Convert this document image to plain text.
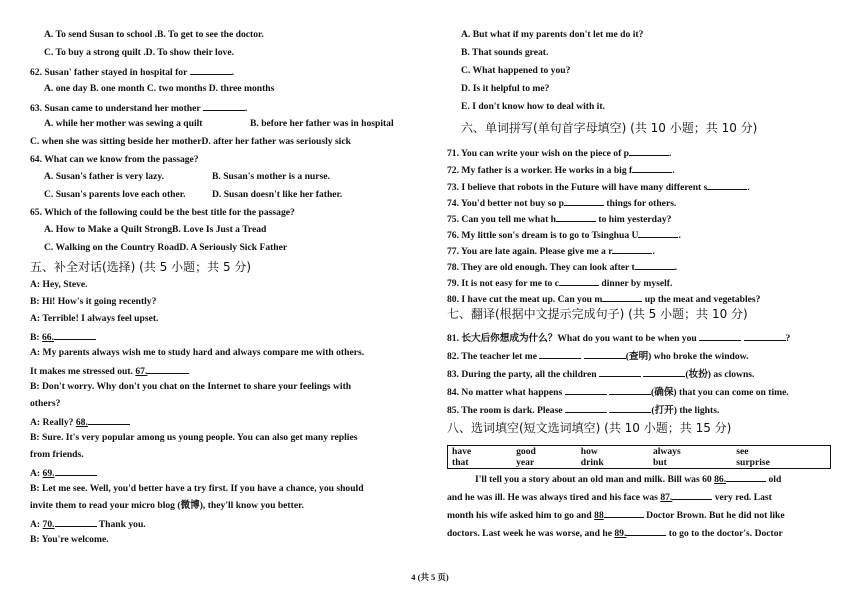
A. To send Susan to school .B. To get to see the doctor.
C. To buy a strong quilt .D. To show their love.
62. Susan' father stayed in hospital for	.
A. one day B. one month C. two months D. three months
63. Susan came to understand her mother	.
A. while her mother was sewing a quilt	B. before her father was in hospital
C. when she was sitting beside her motherD. after her father was seriously sick
64. What can we know from the passage?
A. Susan's father is very lazy.	B. Susan's mother is a nurse.
C. Susan's parents love each other.	D. Susan doesn't like her father.
65. Which of the following could be the best title for the passage?
A. How to Make a Quilt StrongB. Love Is Just a Tread
C. Walking on the Country RoadD. A Seriously Sick Father
五、补全对话(选择) (共 5 小题；共 5 分)
A: Hey, Steve.
B: Hi! How's it going recently?
A: Terrible! I always feel upset.
B: 66.
A: My parents always wish me to study hard and always compare me with others.
It makes me stressed out. 67.
B: Don't worry. Why don't you chat on the Internet to share your feelings with
others?
A: Really? 68.
B: Sure. It's very popular among us young people. You can also get many replies
from friends.
A: 69.
B: Let me see. Well, you'd better have a try first. If you have a chance, you should
invite them to read your micro blog (微博), they'll know you better.
A: 70.	Thank you.
B: You're welcome.
A. But what if my parents don't let me do it?
B. That sounds great.
C. What happened to you?
D. Is it helpful to me?
E. I don't know how to deal with it.
六、单词拼写(单句首字母填空) (共 10 小题；共 10 分)
71. You can write your wish on the piece of p	.
72. My father is a worker. He works in a big f	.
73. I believe that robots in the Future will have many different s	.
74. You'd better not buy so p	things for others.
75. Can you tell me what h	to him yesterday?
76. My little son's dream is to go to Tsinghua U	.
77. You are late again. Please give me a r	.
78. They are old enough. They can look after t	.
79. It is not easy for me to c	dinner by myself.
80. I have cut the meat up. Can you m	up the meat and vegetables?
七、翻译(根据中文提示完成句子) (共 5 小题；共 10 分)
81. 长大后你想成为什么？What do you want to be when you	?
82. The teacher let me	(查明) who broke the window.
83. During the party, all the children	(妆扮) as clowns.
84. No matter what happens	(确保) that you can come on time.
85. The room is dark. Please	(打开) the lights.
八、选词填空(短文选词填空) (共 10 小题；共 15 分)
have	good	how	always	see
that	year	drink	but	surprise
I'll tell you a story about an old man and milk. Bill was 60 86.	old
and he was ill. He was always tired and his face was 87.	very red. Last
month his wife asked him to go and 88	Doctor Brown. But he did not like
doctors. Last week he was worse, and he 89.	to go to the doctor's. Doctor
4 (共 5 页)
